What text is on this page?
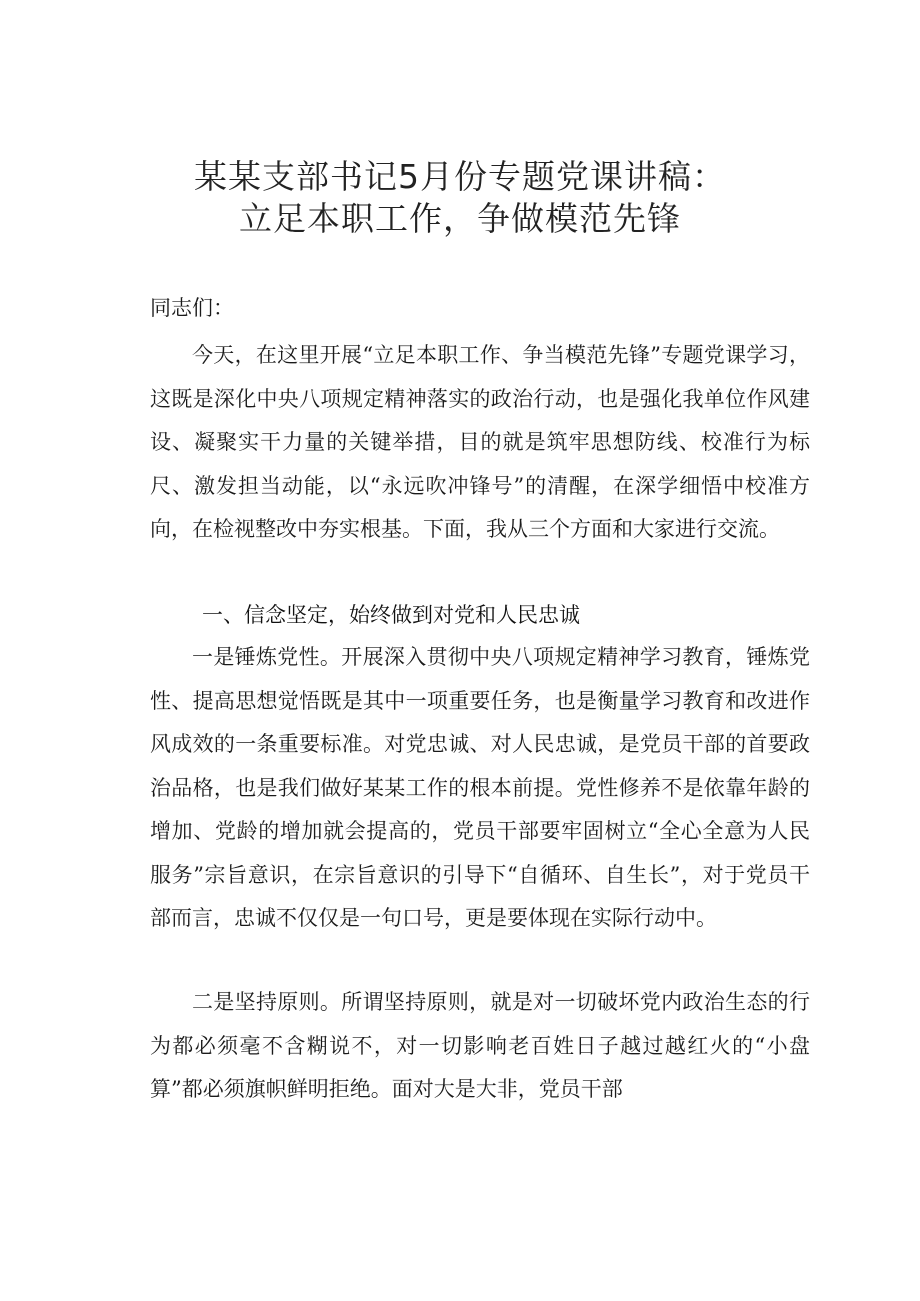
某某支部书记5月份专题党课讲稿：
立足本职工作，争做模范先锋
同志们：

今天，在这里开展“立足本职工作、争当模范先锋”专题党课学习，这既是深化中央八项规定精神落实的政治行动，也是强化我单位作风建设、凝聚实干力量的关键举措，目的就是筑牢思想防线、校准行为标尺、激发担当动能，以“永远吹冲锋号”的清醒，在深学细悟中校准方向，在检视整改中夯实根基。下面，我从三个方面和大家进行交流。

一、信念坚定，始终做到对党和人民忠诚

一是锤炼党性。开展深入贯彻中央八项规定精神学习教育，锤炼党性、提高思想觉悟既是其中一项重要任务，也是衡量学习教育和改进作风成效的一条重要标准。对党忠诚、对人民忠诚，是党员干部的首要政治品格，也是我们做好某某工作的根本前提。党性修养不是依靠年龄的增加、党龄的增加就会提高的，党员干部要牢固树立“全心全意为人民服务”宗旨意识，在宗旨意识的引导下“自循环、自生长”，对于党员干部而言，忠诚不仅仅是一句口号，更是要体现在实际行动中。

二是坚持原则。所谓坚持原则，就是对一切破坏党内政治生态的行为都必须毫不含糊说不，对一切影响老百姓日子越过越红火的“小盘算”都必须旗帜鲜明拒绝。面对大是大非，党员干部
